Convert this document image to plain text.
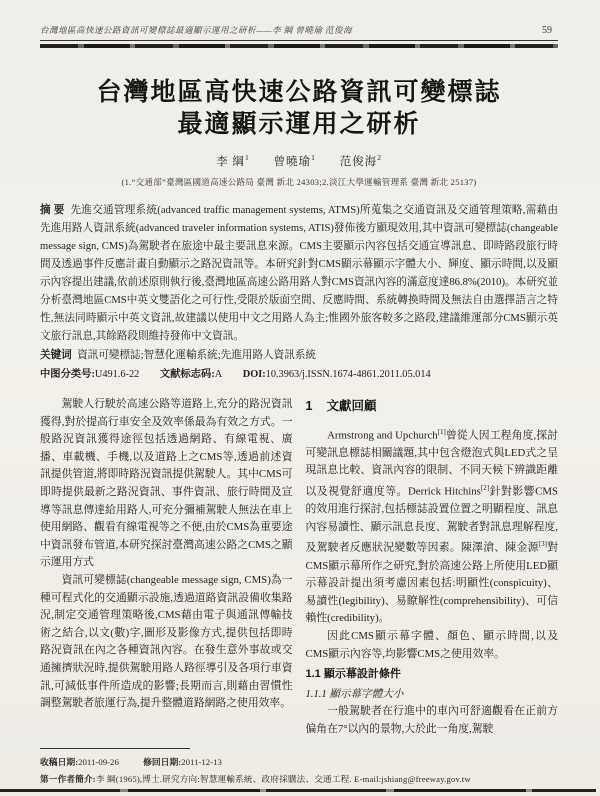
台灣地區高快速公路資訊可變標誌最適顯示運用之研析——李 綱 曾曉瑜 范俊海	59
台灣地區高快速公路資訊可變標誌
最適顯示運用之研析
李 綱$^1$ 曾曉瑜$^1$ 范俊海$^2$
(1.“交通部”臺灣區國道高速公路局 臺灣 新北 24303;2.淡江大學運輸管理系 臺灣 新北 25137)

摘 要 先進交通管理系統(advanced traffic management systems, ATMS)所蒐集之交通資訊及交通管理策略,需藉由先進用路人資訊系統(advanced traveler information systems, ATIS)發佈後方顯現效用,其中資訊可變標誌(changeable message sign, CMS)為駕駛者在旅途中最主要訊息來源。CMS主要顯示內容包括交通宣導訊息、即時路段旅行時間及透過事件反應計畫自動顯示之路況資訊等。本研究針對CMS顯示幕顯示字體大小、輝度、顯示時間,以及顯示內容提出建議,依前述原則執行後,臺灣地區高速公路用路人對CMS資訊內容的滿意度達86.8%(2010)。本研究並分析臺灣地區CMS中英文雙語化之可行性,受限於版面空間、反應時間、系統轉換時間及無法自由選擇語言之特性,無法同時顯示中英文資訊,故建議以使用中文之用路人為主;惟國外旅客較多之路段,建議維運部分CMS顯示英文旅行訊息,其餘路段則維持發佈中文資訊。

关键词 資訊可變標誌;智慧化運輸系統;先進用路人資訊系統

中图分类号:U491.6-22 文献标志码:A DOI:10.3963/j.ISSN.1674-4861.2011.05.014

駕駛人行駛於高速公路等道路上,充分的路況資訊獲得,對於提高行車安全及效率係最為有效之方式。一般路況資訊獲得途徑包括透過網路、有線電視、廣播、車載機、手機,以及道路上之CMS等,透過前述資訊提供管道,將即時路況資訊提供駕駛人。其中CMS可即時提供最新之路況資訊、事件資訊、旅行時間及宣導等訊息傳達給用路人,可充分彌補駕駛人無法在車上使用網路、觀看有線電視等之不便,由於CMS為重要途中資訊發布管道,本研究探討臺灣高速公路之CMS之顯示運用方式

資訊可變標誌(changeable message sign, CMS)為一種可程式化的交通顯示設施,透過道路資訊設備收集路況,制定交通管理策略後,CMS藉由電子與通訊傳輸技術之結合,以文(數)字,圖形及影像方式,提供包括即時路況資訊在內之各種資訊內容。在發生意外事故或交通擁擠狀況時,提供駕駛用路人路徑導引及各項行車資訊,可減低事件所造成的影響;長期而言,則藉由習慣性調整駕駛者旅運行為,提升整體道路網路之使用效率。

1 文獻回顧

Armstrong and Upchurch[1]曾從人因工程角度,探討可變訊息標誌相關議題,其中包含燈泡式與LED式之呈現訊息比較、資訊內容的限制、不同天候下辨識距離以及視覺舒適度等。Derrick Hitchins[2]針對影響CMS的效用進行探討,包括標誌設置位置之明顯程度、訊息內容易讀性、顯示訊息長度、駕駛者對訊息理解程度,及駕駛者反應狀況變數等因素。陳澤滄、陳金源[3]對CMS顯示幕所作之研究,對於高速公路上所使用LED顯示幕設計提出須考慮因素包括:明顯性(conspicuity)、易讀性(legibility)、易瞭解性(comprehensibility)、可信賴性(credibility)。

因此CMS顯示幕字體、顏色、顯示時間,以及CMS顯示內容等,均影響CMS之使用效率。

1.1 顯示幕設計條件
1.1.1 顯示幕字體大小

一般駕駛者在行進中的車內可舒適觀看在正前方偏角在7°以內的景物,大於此一角度,駕駛

收稿日期:2011-09-26	修回日期:2011-12-13
第一作者簡介:李 綱(1965),博士.研究方向:智慧運輸系統、政府採購法、交通工程. E-mail:jshiang@freeway.gov.tw
